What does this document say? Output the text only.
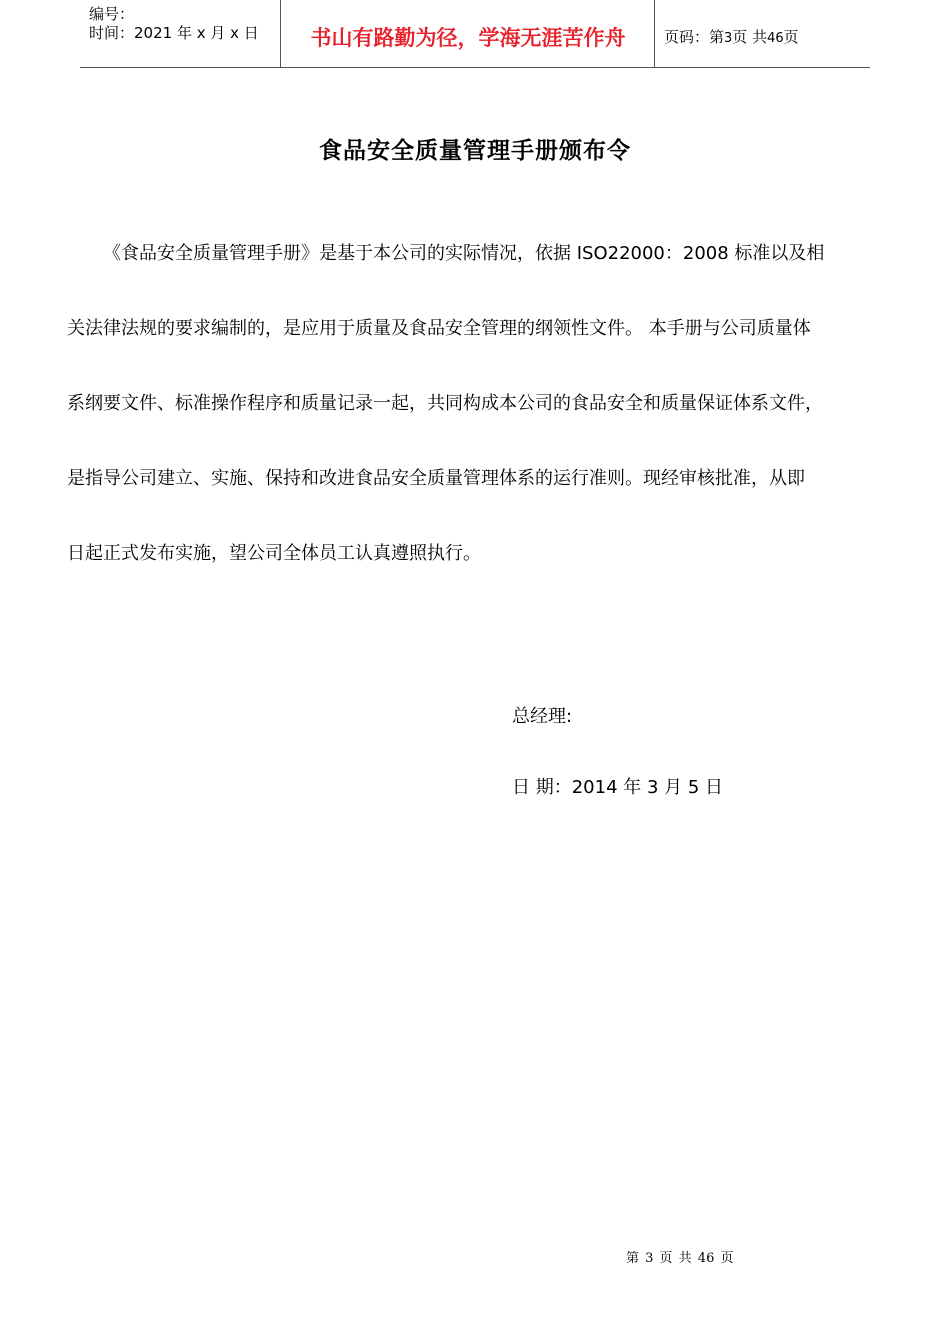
编号：
时间：2021 年 x 月 x 日	书山有路勤为径，学海无涯苦作舟	页码：第3页 共46页
食品安全质量管理手册颁布令

《食品安全质量管理手册》是基于本公司的实际情况，依据 ISO22000：2008 标准以及相

关法律法规的要求编制的，是应用于质量及食品安全管理的纲领性文件。 本手册与公司质量体

系纲要文件、标准操作程序和质量记录一起，共同构成本公司的食品安全和质量保证体系文件，

是指导公司建立、实施、保持和改进食品安全质量管理体系的运行准则。现经审核批准，从即

日起正式发布实施，望公司全体员工认真遵照执行。

总经理:
日 期：2014 年 3 月 5 日
第 3 页 共 46 页
